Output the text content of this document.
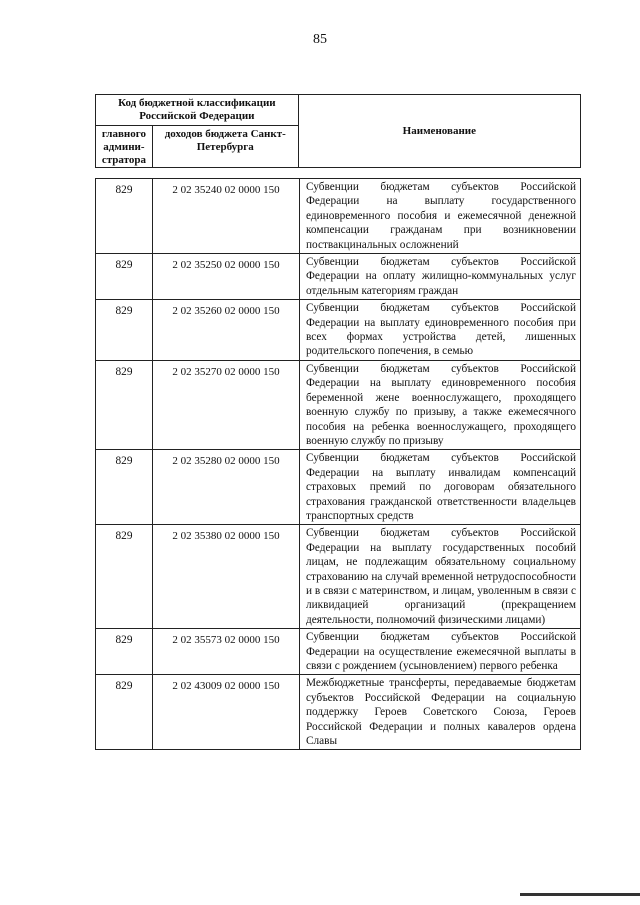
85
Код бюджетной классификации Российской Федерации		Наименование
главного админи-стратора	доходов бюджета Санкт-Петербурга	
829	2 02 35240 02 0000 150	Субвенции бюджетам субъектов Российской Федерации на выплату государственного единовременного пособия и ежемесячной денежной компенсации гражданам при возникновении поствакцинальных осложнений
829	2 02 35250 02 0000 150	Субвенции бюджетам субъектов Российской Федерации на оплату жилищно-коммунальных услуг отдельным категориям граждан
829	2 02 35260 02 0000 150	Субвенции бюджетам субъектов Российской Федерации на выплату единовременного пособия при всех формах устройства детей, лишенных родительского попечения, в семью
829	2 02 35270 02 0000 150	Субвенции бюджетам субъектов Российской Федерации на выплату единовременного пособия беременной жене военнослужащего, проходящего военную службу по призыву, а также ежемесячного пособия на ребенка военнослужащего, проходящего военную службу по призыву
829	2 02 35280 02 0000 150	Субвенции бюджетам субъектов Российской Федерации на выплату инвалидам компенсаций страховых премий по договорам обязательного страхования гражданской ответственности владельцев транспортных средств
829	2 02 35380 02 0000 150	Субвенции бюджетам субъектов Российской Федерации на выплату государственных пособий лицам, не подлежащим обязательному социальному страхованию на случай временной нетрудоспособности и в связи с материнством, и лицам, уволенным в связи с ликвидацией организаций (прекращением деятельности, полномочий физическими лицами)
829	2 02 35573 02 0000 150	Субвенции бюджетам субъектов Российской Федерации на осуществление ежемесячной выплаты в связи с рождением (усыновлением) первого ребенка
829	2 02 43009 02 0000 150	Межбюджетные трансферты, передаваемые бюджетам субъектов Российской Федерации на социальную поддержку Героев Советского Союза, Героев Российской Федерации и полных кавалеров ордена Славы
